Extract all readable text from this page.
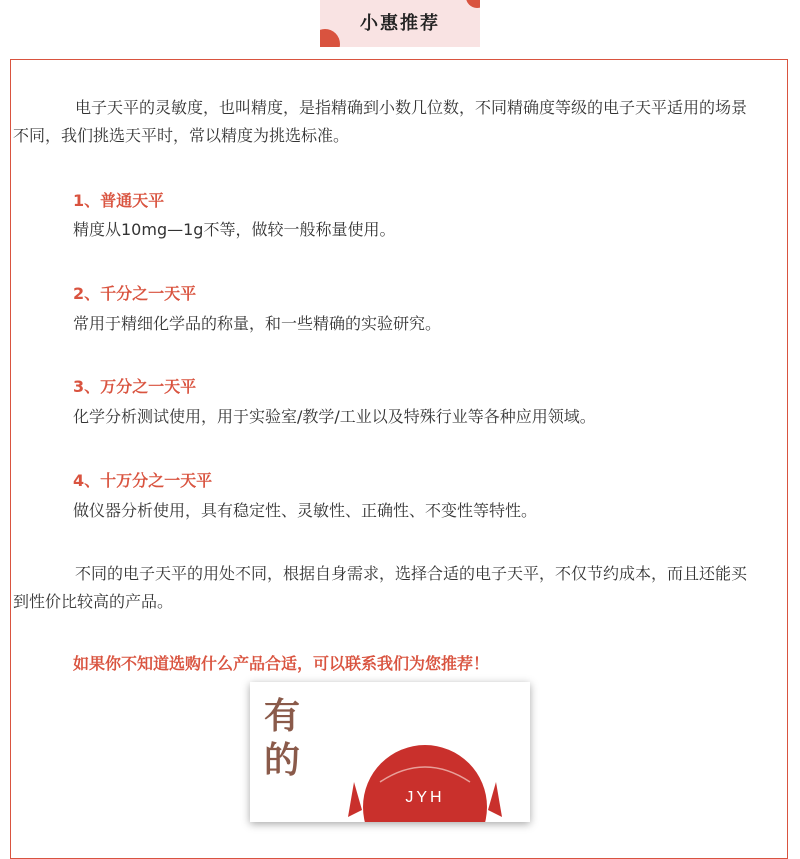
小惠推荐

电子天平的灵敏度，也叫精度，是指精确到小数几位数，不同精确度等级的电子天平适用的场景不同，我们挑选天平时，常以精度为挑选标准。

1、普通天平
精度从10mg—1g不等，做较一般称量使用。
2、千分之一天平
常用于精细化学品的称量，和一些精确的实验研究。
3、万分之一天平
化学分析测试使用，用于实验室/教学/工业以及特殊行业等各种应用领域。
4、十万分之一天平
做仪器分析使用，具有稳定性、灵敏性、正确性、不变性等特性。

不同的电子天平的用处不同，根据自身需求，选择合适的电子天平，不仅节约成本，而且还能买到性价比较高的产品。

如果你不知道选购什么产品合适，可以联系我们为您推荐！
有
的
JYH
